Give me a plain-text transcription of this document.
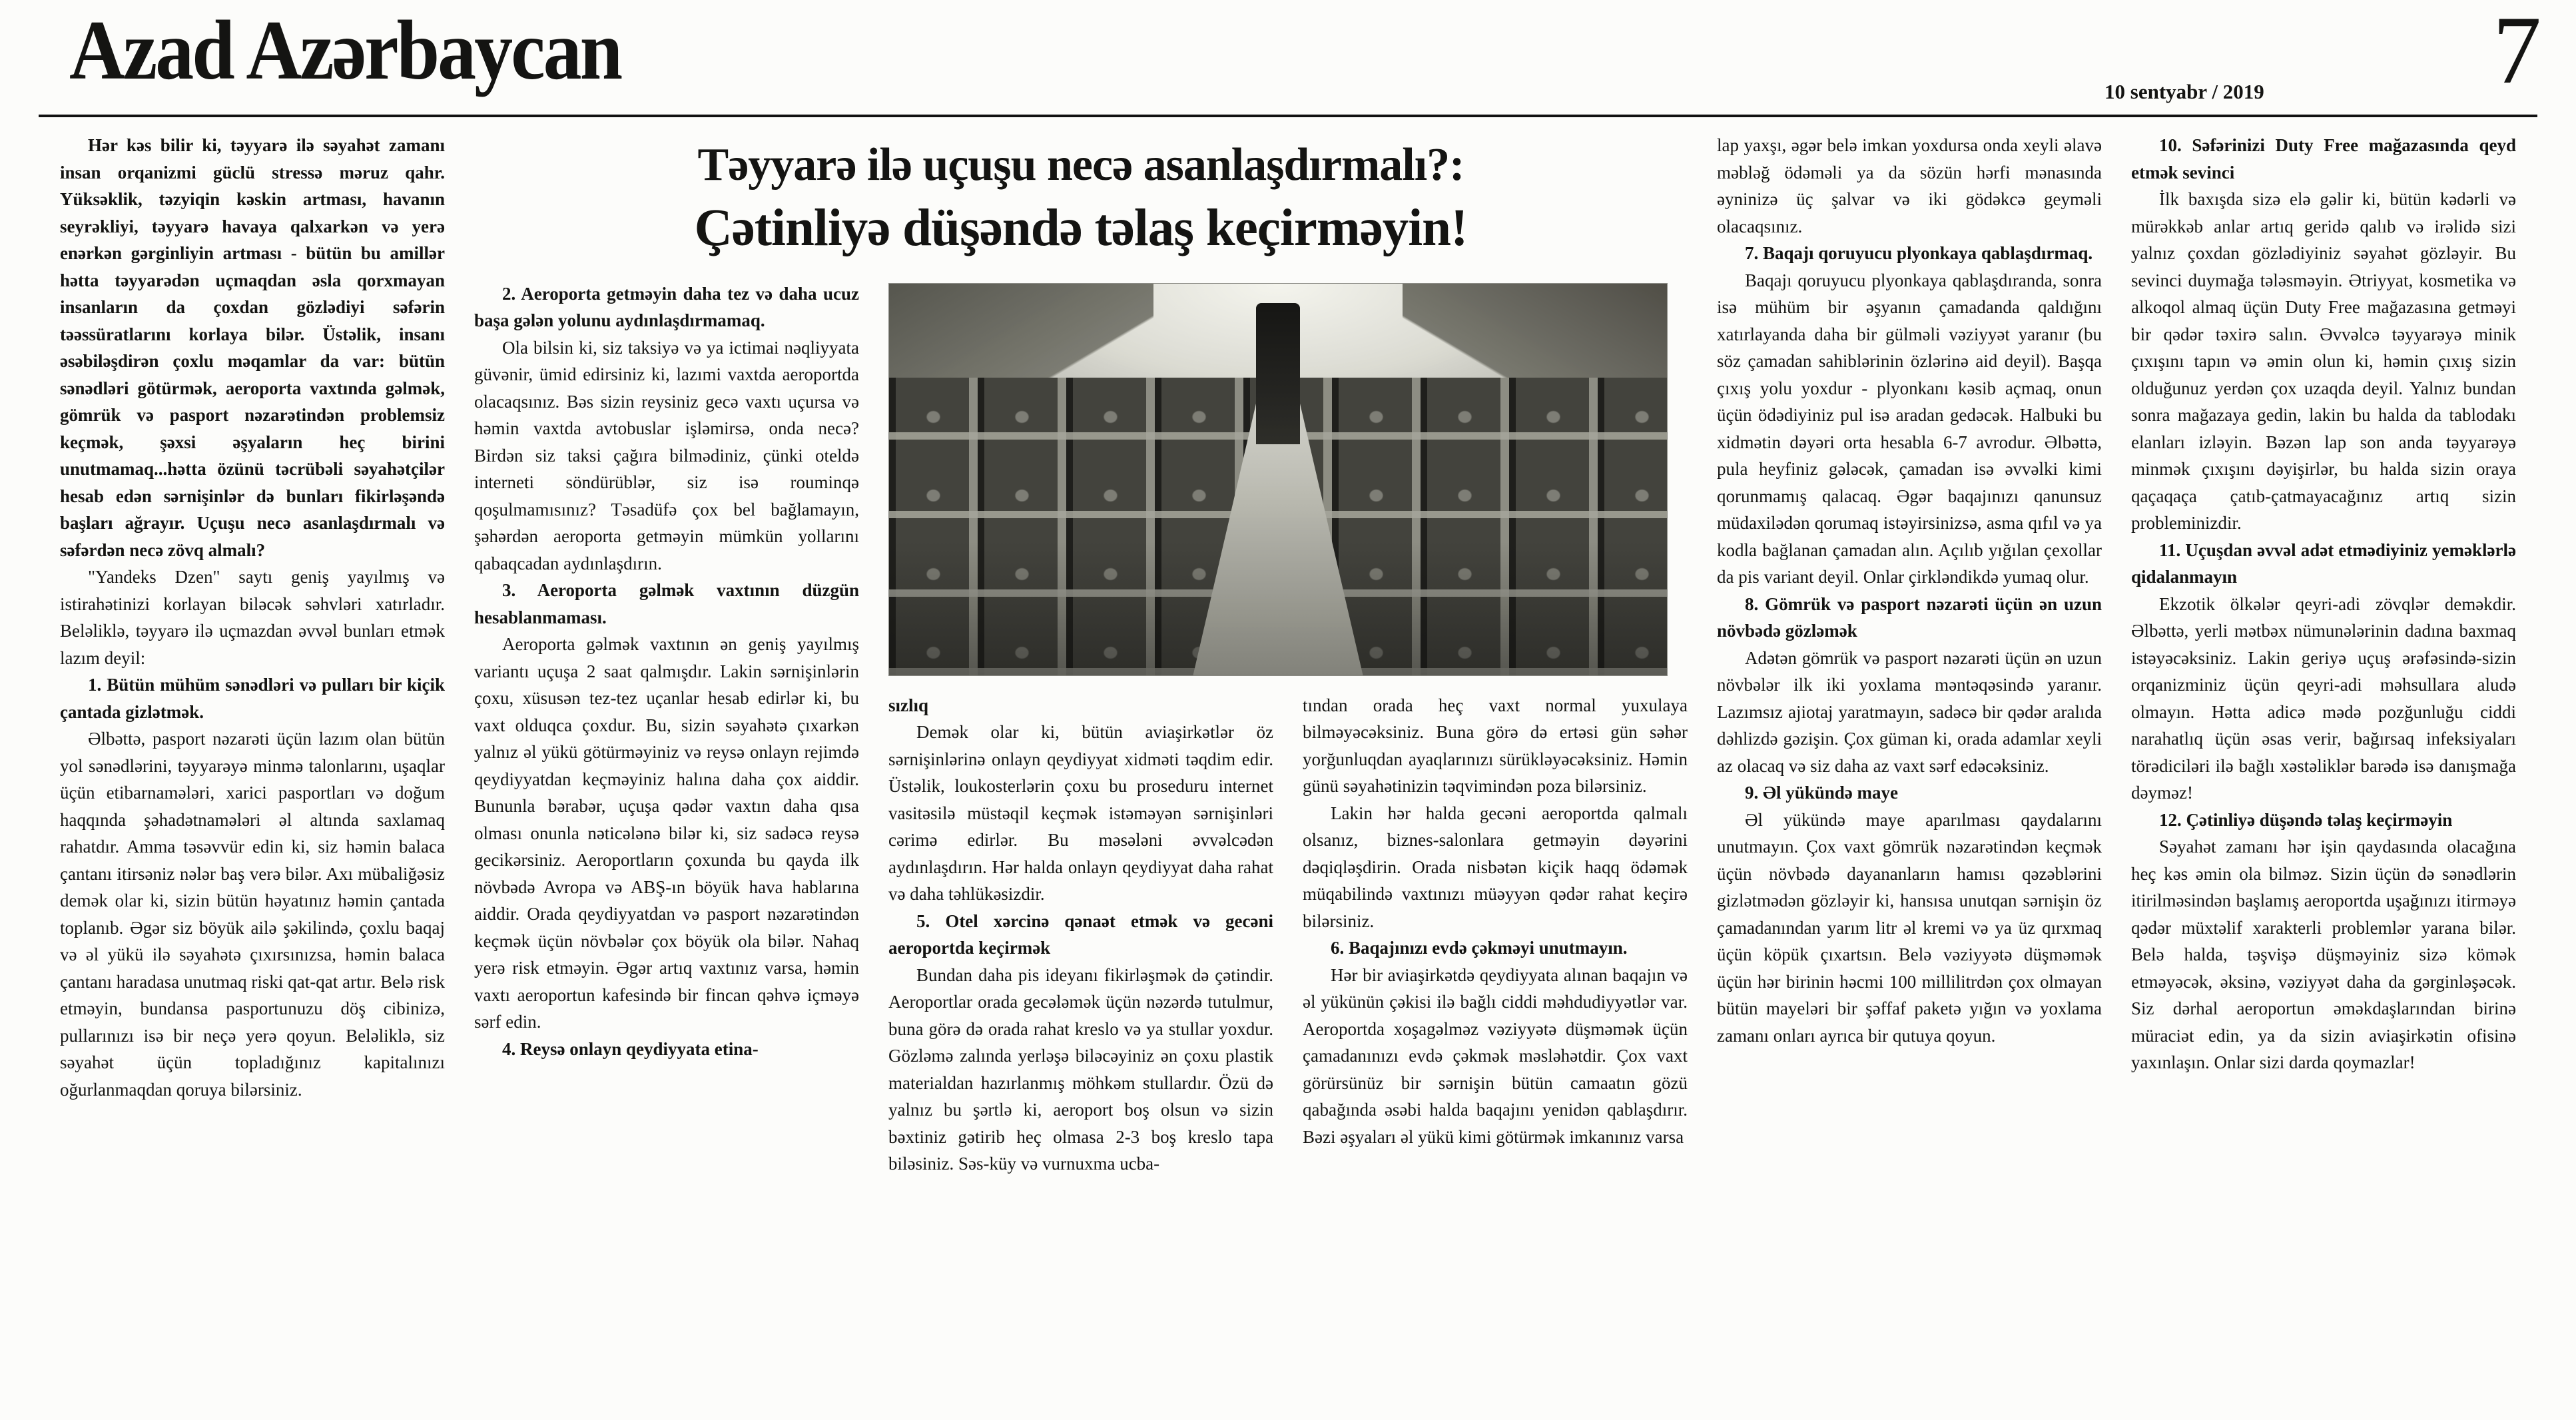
Azad Azərbaycan	10 sentyabr / 2019 7

Hər kəs bilir ki, təyyarə ilə səyahət zamanı insan orqanizmi güclü stressə məruz qahr. Yüksəklik, təzyiqin kəskin artması, havanın seyrəkliyi, təyyarə havaya qalxarkən və yerə enərkən gərginliyin artması - bütün bu amillər hətta təyyarədən uçmaqdan əsla qorxmayan insanların da çoxdan gözlədiyi səfərin təəssüratlarını korlaya bilər. Üstəlik, insanı əsəbiləşdirən çoxlu məqamlar da var: bütün sənədləri götürmək, aeroporta vaxtında gəlmək, gömrük və pasport nəzarətindən problemsiz keçmək, şəxsi əşyaların heç birini unutmamaq...hətta özünü təcrübəli səyahətçilər hesab edən sərnişinlər də bunları fikirləşəndə başları ağrayır. Uçuşu necə asanlaşdırmalı və səfərdən necə zövq almalı?

"Yandeks Dzen" saytı geniş yayılmış və istirahətinizi korlayan biləcək səhvləri xatırladır. Beləliklə, təyyarə ilə uçmazdan əvvəl bunları etmək lazım deyil:

1. Bütün mühüm sənədləri və pulları bir kiçik çantada gizlətmək.

Əlbəttə, pasport nəzarəti üçün lazım olan bütün yol sənədlərini, təyyarəyə minmə talonlarını, uşaqlar üçün etibarnamələri, xarici pasportları və doğum haqqında şəhadətnamələri əl altında saxlamaq rahatdır. Amma təsəvvür edin ki, siz həmin balaca çantanı itirsəniz nələr baş verə bilər. Axı mübaliğəsiz demək olar ki, sizin bütün həyatınız həmin çantada toplanıb. Əgər siz böyük ailə şəkilində, çoxlu baqaj və əl yükü ilə səyahətə çıxırsınızsa, həmin balaca çantanı haradasa unutmaq riski qat-qat artır. Belə risk etməyin, bundansa pasportunuzu döş cibinizə, pullarınızı isə bir neçə yerə qoyun. Beləliklə, siz səyahət üçün topladığınız kapitalınızı oğurlanmaqdan qoruya bilərsiniz.

Təyyarə ilə uçuşu necə asanlaşdırmalı?:
Çətinliyə düşəndə təlaş keçirməyin!

2. Aeroporta getməyin daha tez və daha ucuz başa gələn yolunu aydınlaşdırmamaq.

Ola bilsin ki, siz taksiyə və ya ictimai nəqliyyata güvənir, ümid edirsiniz ki, lazımi vaxtda aeroportda olacaqsınız. Bəs sizin reysiniz gecə vaxtı uçursa və həmin vaxtda avtobuslar işləmirsə, onda necə? Birdən siz taksi çağıra bilmədiniz, çünki oteldə interneti söndürüblər, siz isə rouminqə qoşulmamısınız? Təsadüfə çox bel bağlamayın, şəhərdən aeroporta getməyin mümkün yollarını qabaqcadan aydınlaşdırın.

3. Aeroporta gəlmək vaxtının düzgün hesablanmaması.

Aeroporta gəlmək vaxtının ən geniş yayılmış variantı uçuşa 2 saat qalmışdır. Lakin sərnişinlərin çoxu, xüsusən tez-tez uçanlar hesab edirlər ki, bu vaxt olduqca çoxdur. Bu, sizin səyahətə çıxarkən yalnız əl yükü götürməyiniz və reysə onlayn rejimdə qeydiyyatdan keçməyiniz halına daha çox aiddir. Bununla bərabər, uçuşa qədər vaxtın daha qısa olması onunla nəticələnə bilər ki, siz sadəcə reysə gecikərsiniz. Aeroportların çoxunda bu qayda ilk növbədə Avropa və ABŞ-ın böyük hava hablarına aiddir. Orada qeydiyyatdan və pasport nəzarətindən keçmək üçün növbələr çox böyük ola bilər. Nahaq yerə risk etməyin. Əgər artıq vaxtınız varsa, həmin vaxtı aeroportun kafesində bir fincan qəhvə içməyə sərf edin.

4. Reysə onlayn qeydiyyata etina-

sızlıq

Demək olar ki, bütün aviaşirkətlər öz sərnişinlərinə onlayn qeydiyyat xidməti təqdim edir. Üstəlik, loukosterlərin çoxu bu proseduru internet vasitəsilə müstəqil keçmək istəməyən sərnişinləri cərimə edirlər. Bu məsələni əvvəlcədən aydınlaşdırın. Hər halda onlayn qeydiyyat daha rahat və daha təhlükəsizdir.

5. Otel xərcinə qənaət etmək və gecəni aeroportda keçirmək

Bundan daha pis ideyanı fikirləşmək də çətindir. Aeroportlar orada gecələmək üçün nəzərdə tutulmur, buna görə də orada rahat kreslo və ya stullar yoxdur. Gözləmə zalında yerləşə biləcəyiniz ən çoxu plastik materialdan hazırlanmış möhkəm stullardır. Özü də yalnız bu şərtlə ki, aeroport boş olsun və sizin bəxtiniz gətirib heç olmasa 2-3 boş kreslo tapa biləsiniz. Səs-küy və vurnuxma ucba-

tından orada heç vaxt normal yuxulaya bilməyəcəksiniz. Buna görə də ertəsi gün səhər yorğunluqdan ayaqlarınızı sürükləyəcəksiniz. Həmin günü səyahətinizin təqvimindən poza bilərsiniz.

Lakin hər halda gecəni aeroportda qalmalı olsanız, biznes-salonlara getməyin dəyərini dəqiqləşdirin. Orada nisbətən kiçik haqq ödəmək müqabilində vaxtınızı müəyyən qədər rahat keçirə bilərsiniz.

6. Baqajınızı evdə çəkməyi unutmayın.

Hər bir aviaşirkətdə qeydiyyata alınan baqajın və əl yükünün çəkisi ilə bağlı ciddi məhdudiyyətlər var. Aeroportda xoşagəlməz vəziyyətə düşməmək üçün çamadanınızı evdə çəkmək məsləhətdir. Çox vaxt görürsünüz bir sərnişin bütün camaatın gözü qabağında əsəbi halda baqajını yenidən qablaşdırır. Bəzi əşyaları əl yükü kimi götürmək imkanınız varsa

lap yaxşı, əgər belə imkan yoxdursa onda xeyli əlavə məbləğ ödəməli ya da sözün hərfi mənasında əyninizə üç şalvar və iki gödəkcə geyməli olacaqsınız.

7. Baqajı qoruyucu plyonkaya qablaşdırmaq.

Baqajı qoruyucu plyonkaya qablaşdıranda, sonra isə mühüm bir əşyanın çamadanda qaldığını xatırlayanda daha bir gülməli vəziyyət yaranır (bu söz çamadan sahiblərinin özlərinə aid deyil). Başqa çıxış yolu yoxdur - plyonkanı kəsib açmaq, onun üçün ödədiyiniz pul isə aradan gedəcək. Halbuki bu xidmətin dəyəri orta hesabla 6-7 avrodur. Əlbəttə, pula heyfiniz gələcək, çamadan isə əvvəlki kimi qorunmamış qalacaq. Əgər baqajınızı qanunsuz müdaxilədən qorumaq istəyirsinizsə, asma qıfıl və ya kodla bağlanan çamadan alın. Açılıb yığılan çexollar da pis variant deyil. Onlar çirkləndikdə yumaq olur.

8. Gömrük və pasport nəzarəti üçün ən uzun növbədə gözləmək

Adətən gömrük və pasport nəzarəti üçün ən uzun növbələr ilk iki yoxlama məntəqəsində yaranır. Lazımsız ajiotaj yaratmayın, sadəcə bir qədər aralıda dəhlizdə gəzişin. Çox güman ki, orada adamlar xeyli az olacaq və siz daha az vaxt sərf edəcəksiniz.

9. Əl yükündə maye

Əl yükündə maye aparılması qaydalarını unutmayın. Çox vaxt gömrük nəzarətindən keçmək üçün növbədə dayananların hamısı qəzəblərini gizlətmədən gözləyir ki, hansısa unutqan sərnişin öz çamadanından yarım litr əl kremi və ya üz qırxmaq üçün köpük çıxartsın. Belə vəziyyətə düşməmək üçün hər birinin həcmi 100 millilitrdən çox olmayan bütün mayeləri bir şəffaf paketə yığın və yoxlama zamanı onları ayrıca bir qutuya qoyun.

10. Səfərinizi Duty Free mağazasında qeyd etmək sevinci

İlk baxışda sizə elə gəlir ki, bütün kədərli və mürəkkəb anlar artıq geridə qalıb və irəlidə sizi yalnız çoxdan gözlədiyiniz səyahət gözləyir. Bu sevinci duymağa tələsməyin. Ətriyyat, kosmetika və alkoqol almaq üçün Duty Free mağazasına getməyi bir qədər təxirə salın. Əvvəlcə təyyarəyə minik çıxışını tapın və əmin olun ki, həmin çıxış sizin olduğunuz yerdən çox uzaqda deyil. Yalnız bundan sonra mağazaya gedin, lakin bu halda da tablodakı elanları izləyin. Bəzən lap son anda təyyarəyə minmək çıxışını dəyişirlər, bu halda sizin oraya qaçaqaça çatıb-çatmayacağınız artıq sizin probleminizdir.

11. Uçuşdan əvvəl adət etmədiyiniz yeməklərlə qidalanmayın

Ekzotik ölkələr qeyri-adi zövqlər deməkdir. Əlbəttə, yerli mətbəx nümunələrinin dadına baxmaq istəyəcəksiniz. Lakin geriyə uçuş ərəfəsində-sizin orqanizminiz üçün qeyri-adi məhsullara aludə olmayın. Hətta adicə mədə pozğunluğu ciddi narahatlıq üçün əsas verir, bağırsaq infeksiyaları törədiciləri ilə bağlı xəstəliklər barədə isə danışmağa dəyməz!

12. Çətinliyə düşəndə təlaş keçirməyin

Səyahət zamanı hər işin qaydasında olacağına heç kəs əmin ola bilməz. Sizin üçün də sənədlərin itirilməsindən başlamış aeroportda uşağınızı itirməyə qədər müxtəlif xarakterli problemlər yarana bilər. Belə halda, təşvişə düşməyiniz sizə kömək etməyəcək, əksinə, vəziyyət daha da gərginləşəcək. Siz dərhal aeroportun əməkdaşlarından birinə müraciət edin, ya da sizin aviaşirkətin ofisinə yaxınlaşın. Onlar sizi darda qoymazlar!
